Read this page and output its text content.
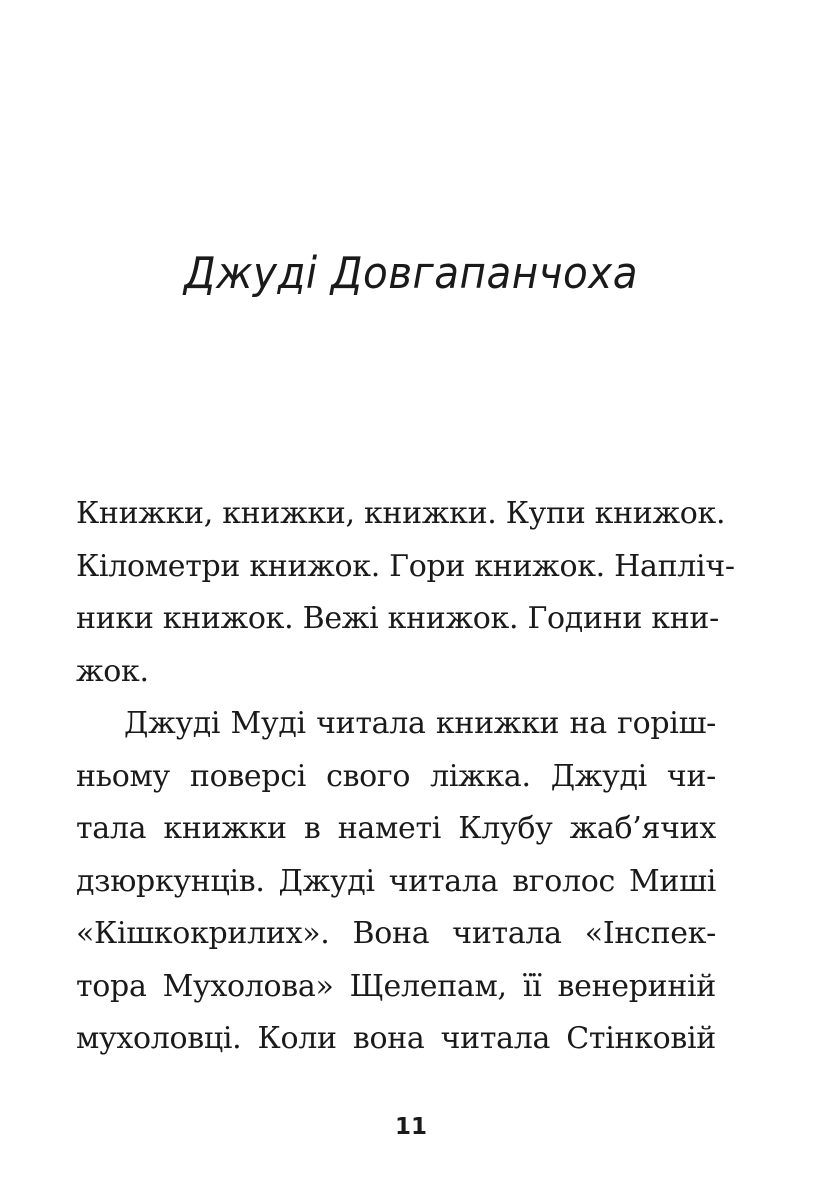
Джуді Довгапанчоха
Книжки, книжки, книжки. Купи книжок.
Кілометри книжок. Гори книжок. Напліч-
ники книжок. Вежі книжок. Години кни-
жок.
Джуді Муді читала книжки на горіш-
ньому поверсі свого ліжка. Джуді чи-
тала книжки в наметі Клубу жаб’ячих
дзюркунців. Джуді читала вголос Миші
«Кішкокрилих». Вона читала «Інспек-
тора Мухолова» Щелепам, її венериній
мухоловці. Коли вона читала Стінковій
11
